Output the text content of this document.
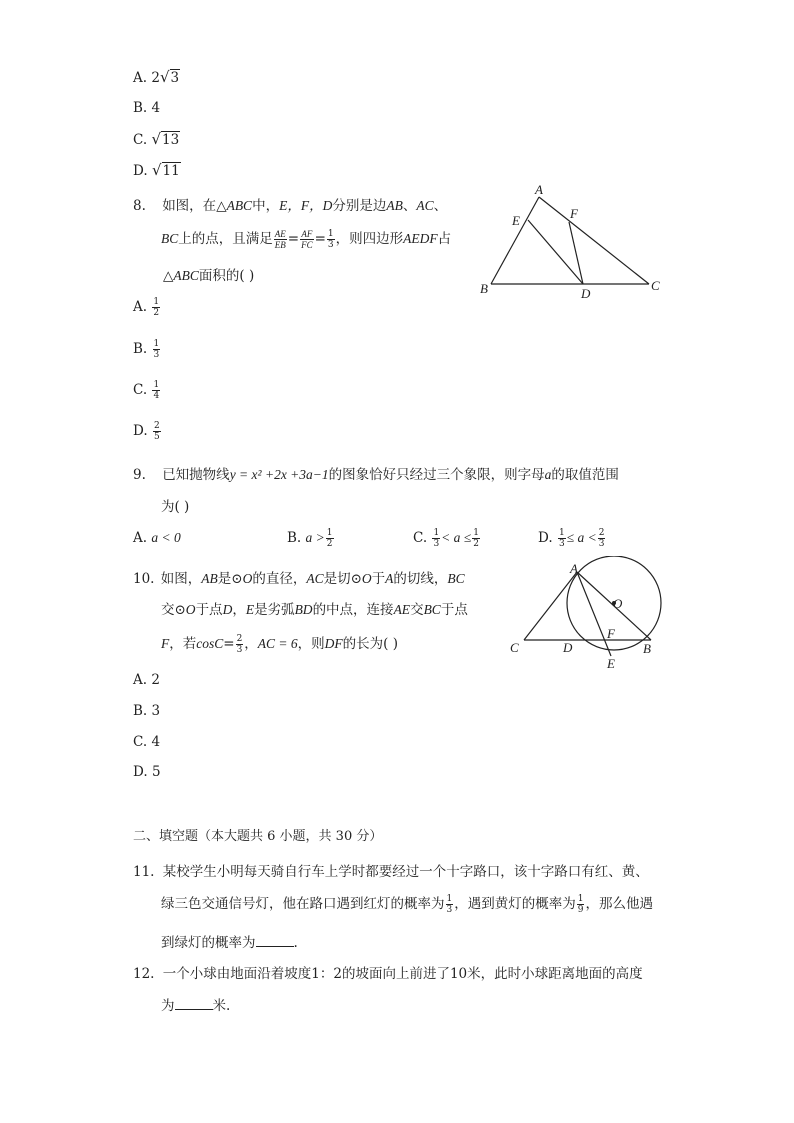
A. 2√3
B. 4
C. √13
D. √11
8. 如图，在△ABC中，E，F，D分别是边AB、AC、
BC上的点，且满足 $\frac{AE}{EB} = \frac{AF}{FC} = \frac{1}{3}$ ，则四边形AEDF占
△ABC面积的( )
A
E	F
B	D
C
A. $\frac{1}{2}$
B. $\frac{1}{3}$
C. $\frac{1}{4}$
D. $\frac{2}{5}$
9. 已知抛物线y = x² +2x +3a−1的图象恰好只经过三个象限，则字母a的取值范围
为( )
A. a < 0	B. $a > \frac{1}{2}$	C. $\frac{1}{3} < a \le \frac{1}{2}$	D. $\frac{1}{3} \le a < \frac{2}{3}$
10. 如图，AB是⊙O的直径，AC是切⊙O于A的切线，BC
交⊙O于点D，E是劣弧BD的中点，连接AE交BC于点
F，若$\cos C= \frac{2}{3}$ ，AC = 6，则DF的长为( )
A
O
C	D
F
E
B
A. 2
B. 3
C. 4
D. 5
二、填空题（本大题共 6 小题，共 30 分）
11. 某校学生小明每天骑自行车上学时都要经过一个十字路口，该十字路口有红、黄、
绿三色交通信号灯，他在路口遇到红灯的概率为 $\frac{1}{3}$ ，遇到黄灯的概率为 $\frac{1}{9}$ ，那么他遇
到绿灯的概率为	.
12. 一个小球由地面沿着坡度1：2的坡面向上前进了10米，此时小球距离地面的高度
为	米.
